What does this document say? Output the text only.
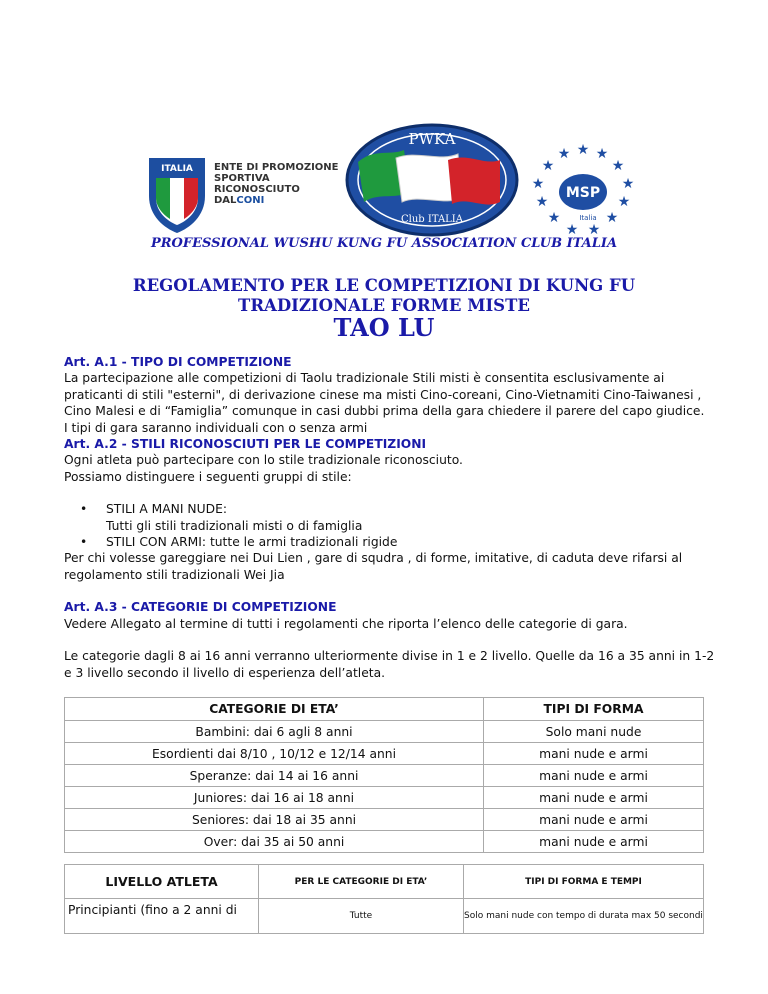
ITALIA ENTE DI PROMOZIONE
SPORTIVA
RICONOSCIUTO
DALCONI
PWKA
Club ITALIA
★
★ ★
★	★
★	★
★	★
★	★
★ ★
MSP
Italia
PROFESSIONAL WUSHU KUNG FU ASSOCIATION CLUB ITALIA
REGOLAMENTO PER LE COMPETIZIONI DI KUNG FU
TRADIZIONALE FORME MISTE
TAO LU

Art. A.1 - TIPO DI COMPETIZIONE

La partecipazione alle competizioni di Taolu tradizionale Stili misti è consentita esclusivamente ai praticanti di stili "esterni", di derivazione cinese ma misti Cino-coreani, Cino-Vietnamiti Cino-Taiwanesi , Cino Malesi e di “Famiglia” comunque in casi dubbi prima della gara chiedere il parere del capo giudice.

I tipi di gara saranno individuali con o senza armi

Art. A.2 - STILI RICONOSCIUTI PER LE COMPETIZIONI

Ogni atleta può partecipare con lo stile tradizionale riconosciuto.

Possiamo distinguere i seguenti gruppi di stile:

• STILI A MANI NUDE:
Tutti gli stili tradizionali misti o di famiglia
• STILI CON ARMI: tutte le armi tradizionali rigide

Per chi volesse gareggiare nei Dui Lien , gare di squdra , di forme, imitative, di caduta deve rifarsi al regolamento stili tradizionali Wei Jia

Art. A.3 - CATEGORIE DI COMPETIZIONE

Vedere Allegato al termine di tutti i regolamenti che riporta l’elenco delle categorie di gara.

Le categorie dagli 8 ai 16 anni verranno ulteriormente divise in 1 e 2 livello. Quelle da 16 a 35 anni in 1-2 e 3 livello secondo il livello di esperienza dell’atleta.

CATEGORIE DI ETA’	TIPI DI FORMA
Bambini: dai 6 agli 8 anni	Solo mani nude
Esordienti dai 8/10 , 10/12 e 12/14 anni	mani nude e armi
Speranze: dai 14 ai 16 anni	mani nude e armi
Juniores: dai 16 ai 18 anni	mani nude e armi
Seniores: dai 18 ai 35 anni	mani nude e armi
Over: dai 35 ai 50 anni	mani nude e armi
LIVELLO ATLETA	PER LE CATEGORIE DI ETA’	TIPI DI FORMA E TEMPI
Principianti (fino a 2 anni di	Tutte	Solo mani nude con tempo di durata max 50 secondi
